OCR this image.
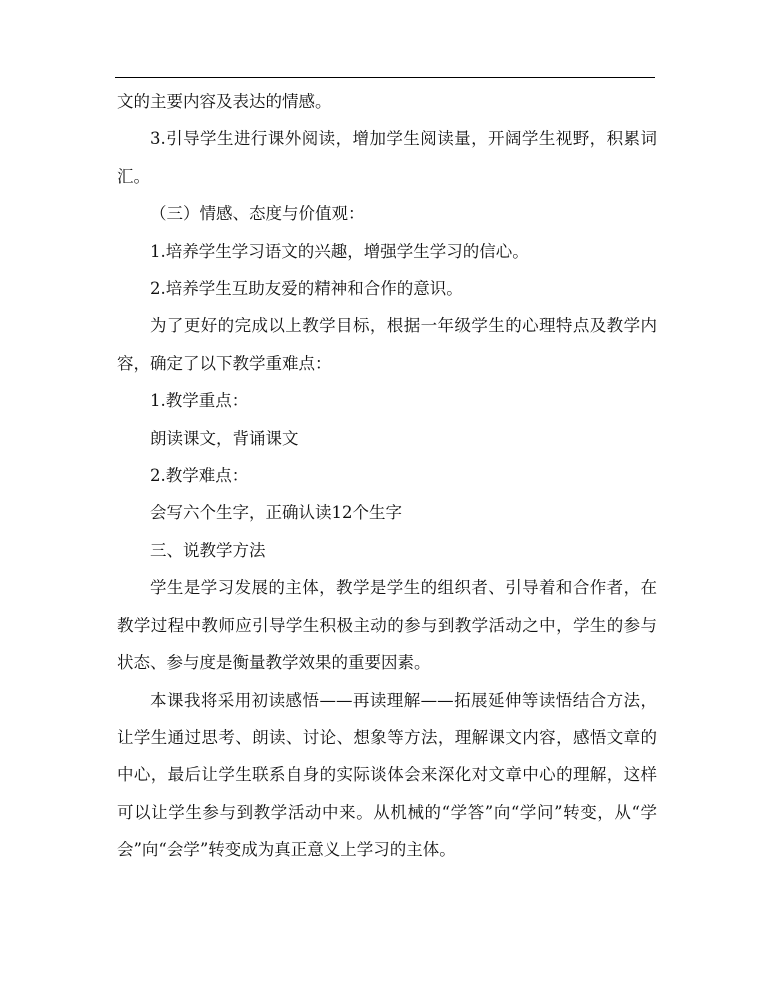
文的主要内容及表达的情感。

3.引导学生进行课外阅读，增加学生阅读量，开阔学生视野，积累词汇。

（三）情感、态度与价值观：

1.培养学生学习语文的兴趣，增强学生学习的信心。

2.培养学生互助友爱的精神和合作的意识。

为了更好的完成以上教学目标，根据一年级学生的心理特点及教学内容，确定了以下教学重难点：

1.教学重点：

朗读课文，背诵课文

2.教学难点：

会写六个生字，正确认读12个生字

三、说教学方法

学生是学习发展的主体，教学是学生的组织者、引导着和合作者，在教学过程中教师应引导学生积极主动的参与到教学活动之中，学生的参与状态、参与度是衡量教学效果的重要因素。

本课我将采用初读感悟——再读理解——拓展延伸等读悟结合方法，让学生通过思考、朗读、讨论、想象等方法，理解课文内容，感悟文章的中心，最后让学生联系自身的实际谈体会来深化对文章中心的理解，这样可以让学生参与到教学活动中来。从机械的“学答”向“学问”转变，从“学会”向“会学”转变成为真正意义上学习的主体。
